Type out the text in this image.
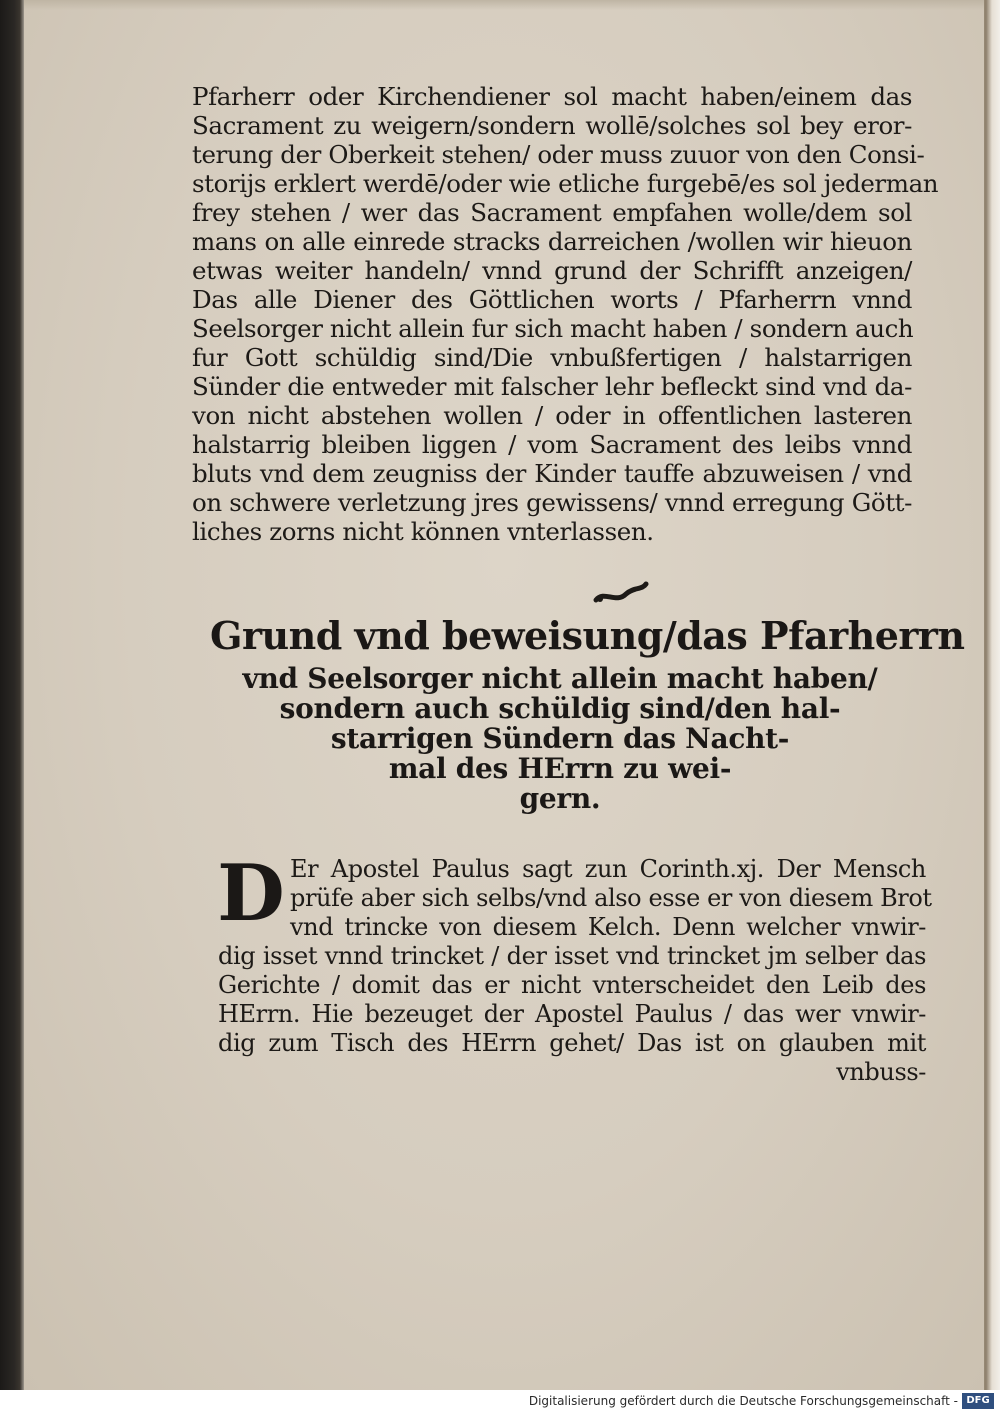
Pfarherr oder Kirchendiener sol macht haben/einem das
Sacrament zu weigern/sondern wollē/solches sol bey eror-
terung der Oberkeit stehen/ oder muss zuuor von den Consi-
storijs erklert werdē/oder wie etliche furgebē/es sol jederman
frey stehen / wer das Sacrament empfahen wolle/dem sol
mans on alle einrede stracks darreichen /wollen wir hieuon
etwas weiter handeln/ vnnd grund der Schrifft anzeigen/
Das alle Diener des Göttlichen worts / Pfarherrn vnnd
Seelsorger nicht allein fur sich macht haben / sondern auch
fur Gott schüldig sind/Die vnbußfertigen / halstarrigen
Sünder die entweder mit falscher lehr befleckt sind vnd da-
von nicht abstehen wollen / oder in offentlichen lasteren
halstarrig bleiben liggen / vom Sacrament des leibs vnnd
bluts vnd dem zeugniss der Kinder tauffe abzuweisen / vnd
on schwere verletzung jres gewissens/ vnnd erregung Gött-
liches zorns nicht können vnterlassen.
Grund vnd beweisung/das Pfarherrn
vnd Seelsorger nicht allein macht haben/
sondern auch schüldig sind/den hal-
starrigen Sündern das Nacht-
mal des HErrn zu wei-
gern.
D Er Apostel Paulus sagt zun Corinth.xj. Der Mensch
prüfe aber sich selbs/vnd also esse er von diesem Brot
vnd trincke von diesem Kelch. Denn welcher vnwir-
dig isset vnnd trincket / der isset vnd trincket jm selber das
Gerichte / domit das er nicht vnterscheidet den Leib des
HErrn. Hie bezeuget der Apostel Paulus / das wer vnwir-
dig zum Tisch des HErrn gehet/ Das ist on glauben mit
vnbuss-
Digitalisierung gefördert durch die Deutsche Forschungsgemeinschaft - DFG
